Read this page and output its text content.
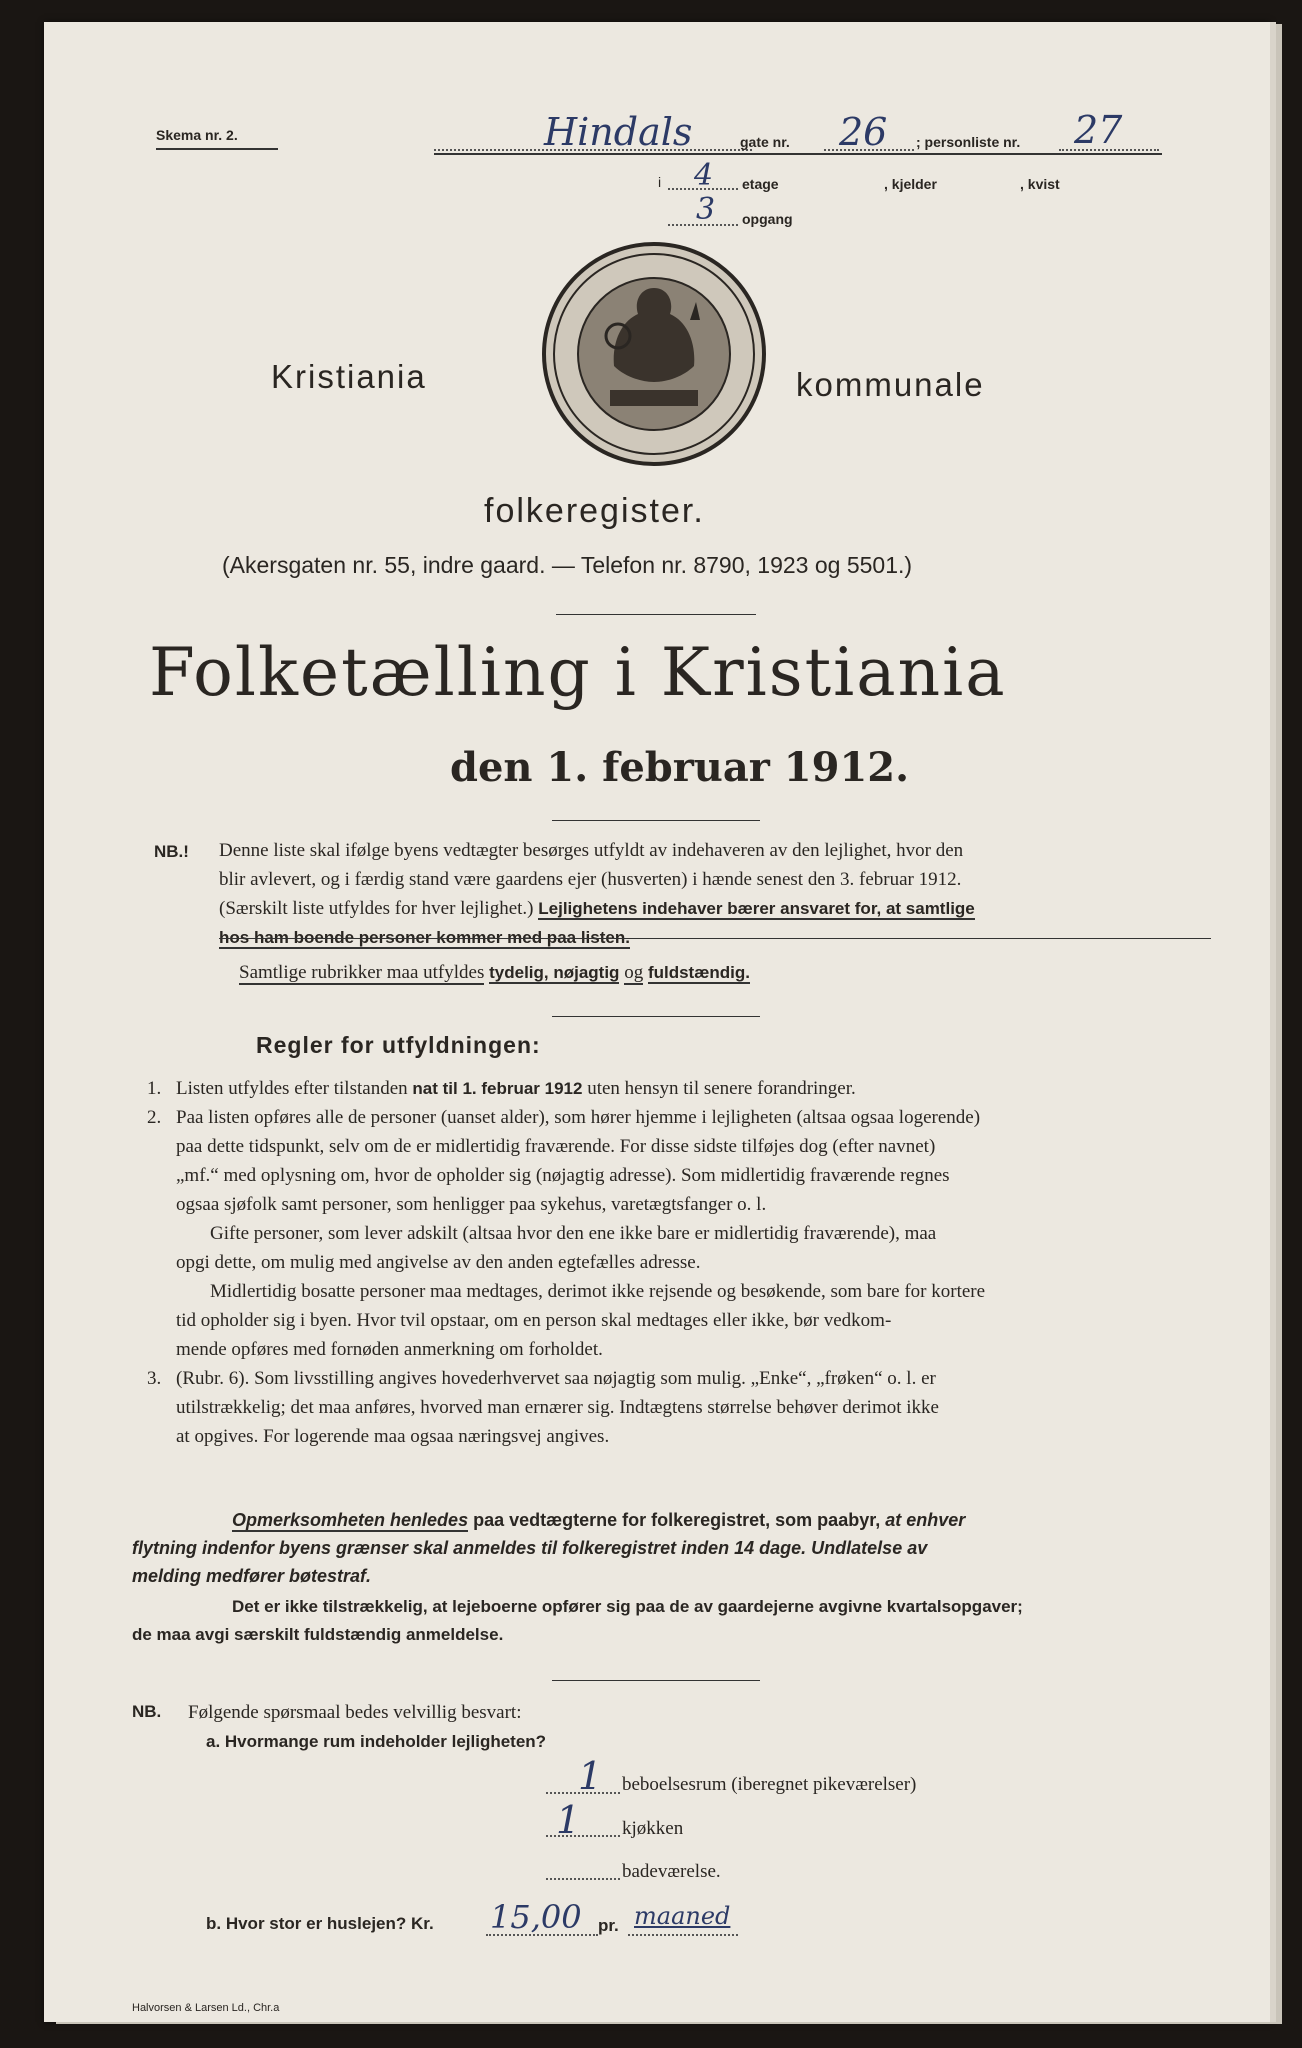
Skema nr. 2.	Hindals	gate nr. 26 ; personliste nr. 27
i 4 etage	, kjelder	, kvist
3 opgang
Kristiania	kommunale
folkeregister.
(Akersgaten nr. 55, indre gaard. — Telefon nr. 8790, 1923 og 5501.)
Folketælling i Kristiania
den 1. februar 1912.
NB.! Denne liste skal ifølge byens vedtægter besørges utfyldt av indehaveren av den lejlighet, hvor den
blir avlevert, og i færdig stand være gaardens ejer (husverten) i hænde senest den 3. februar 1912.
(Særskilt liste utfyldes for hver lejlighet.) Lejlighetens indehaver bærer ansvaret for, at samtlige
hos ham boende personer kommer med paa listen.
Samtlige rubrikker maa utfyldes tydelig, nøjagtig og fuldstændig.
Regler for utfyldningen:
1. Listen utfyldes efter tilstanden nat til 1. februar 1912 uten hensyn til senere forandringer.
2. Paa listen opføres alle de personer (uanset alder), som hører hjemme i lejligheten (altsaa ogsaa logerende)
paa dette tidspunkt, selv om de er midlertidig fraværende. For disse sidste tilføjes dog (efter navnet)
„mf.“ med oplysning om, hvor de opholder sig (nøjagtig adresse). Som midlertidig fraværende regnes
ogsaa sjøfolk samt personer, som henligger paa sykehus, varetægtsfanger o. l.
Gifte personer, som lever adskilt (altsaa hvor den ene ikke bare er midlertidig fraværende), maa
opgi dette, om mulig med angivelse av den anden egtefælles adresse.
Midlertidig bosatte personer maa medtages, derimot ikke rejsende og besøkende, som bare for kortere
tid opholder sig i byen. Hvor tvil opstaar, om en person skal medtages eller ikke, bør vedkom-
mende opføres med fornøden anmerkning om forholdet.
3. (Rubr. 6). Som livsstilling angives hovederhvervet saa nøjagtig som mulig. „Enke“, „frøken“ o. l. er
utilstrækkelig; det maa anføres, hvorved man ernærer sig. Indtægtens størrelse behøver derimot ikke
at opgives. For logerende maa ogsaa næringsvej angives.
Opmerksomheten henledes paa vedtægterne for folkeregistret, som paabyr, at enhver
flytning indenfor byens grænser skal anmeldes til folkeregistret inden 14 dage. Undlatelse av
melding medfører bøtestraf.
Det er ikke tilstrækkelig, at lejeboerne opfører sig paa de av gaardejerne avgivne kvartalsopgaver;
de maa avgi særskilt fuldstændig anmeldelse.
NB. Følgende spørsmaal bedes velvillig besvart:
a. Hvormange rum indeholder lejligheten?
1 beboelsesrum (iberegnet pikeværelser)
1 kjøkken
badeværelse.
b. Hvor stor er huslejen? Kr. 15,00 pr. maaned
Halvorsen & Larsen Ld., Chr.a
